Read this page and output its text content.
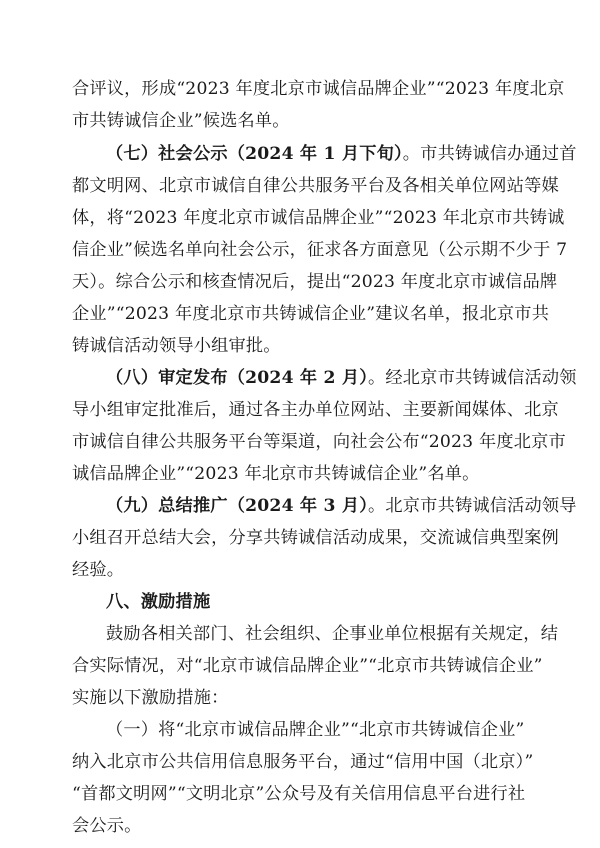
合评议，形成“2023 年度北京市诚信品牌企业”“2023 年度北京
市共铸诚信企业”候选名单。
（七）社会公示（2024 年 1 月下旬）。市共铸诚信办通过首
都文明网、北京市诚信自律公共服务平台及各相关单位网站等媒
体，将“2023 年度北京市诚信品牌企业”“2023 年北京市共铸诚
信企业”候选名单向社会公示，征求各方面意见（公示期不少于 7
天）。综合公示和核查情况后，提出“2023 年度北京市诚信品牌
企业”“2023 年度北京市共铸诚信企业”建议名单，报北京市共
铸诚信活动领导小组审批。
（八）审定发布（2024 年 2 月）。经北京市共铸诚信活动领
导小组审定批准后，通过各主办单位网站、主要新闻媒体、北京
市诚信自律公共服务平台等渠道，向社会公布“2023 年度北京市
诚信品牌企业”“2023 年北京市共铸诚信企业”名单。
（九）总结推广（2024 年 3 月）。北京市共铸诚信活动领导
小组召开总结大会，分享共铸诚信活动成果，交流诚信典型案例
经验。
八、激励措施
鼓励各相关部门、社会组织、企事业单位根据有关规定，结
合实际情况，对“北京市诚信品牌企业”“北京市共铸诚信企业”
实施以下激励措施：
（一）将“北京市诚信品牌企业”“北京市共铸诚信企业”
纳入北京市公共信用信息服务平台，通过“信用中国（北京）”
“首都文明网”“文明北京”公众号及有关信用信息平台进行社
会公示。
